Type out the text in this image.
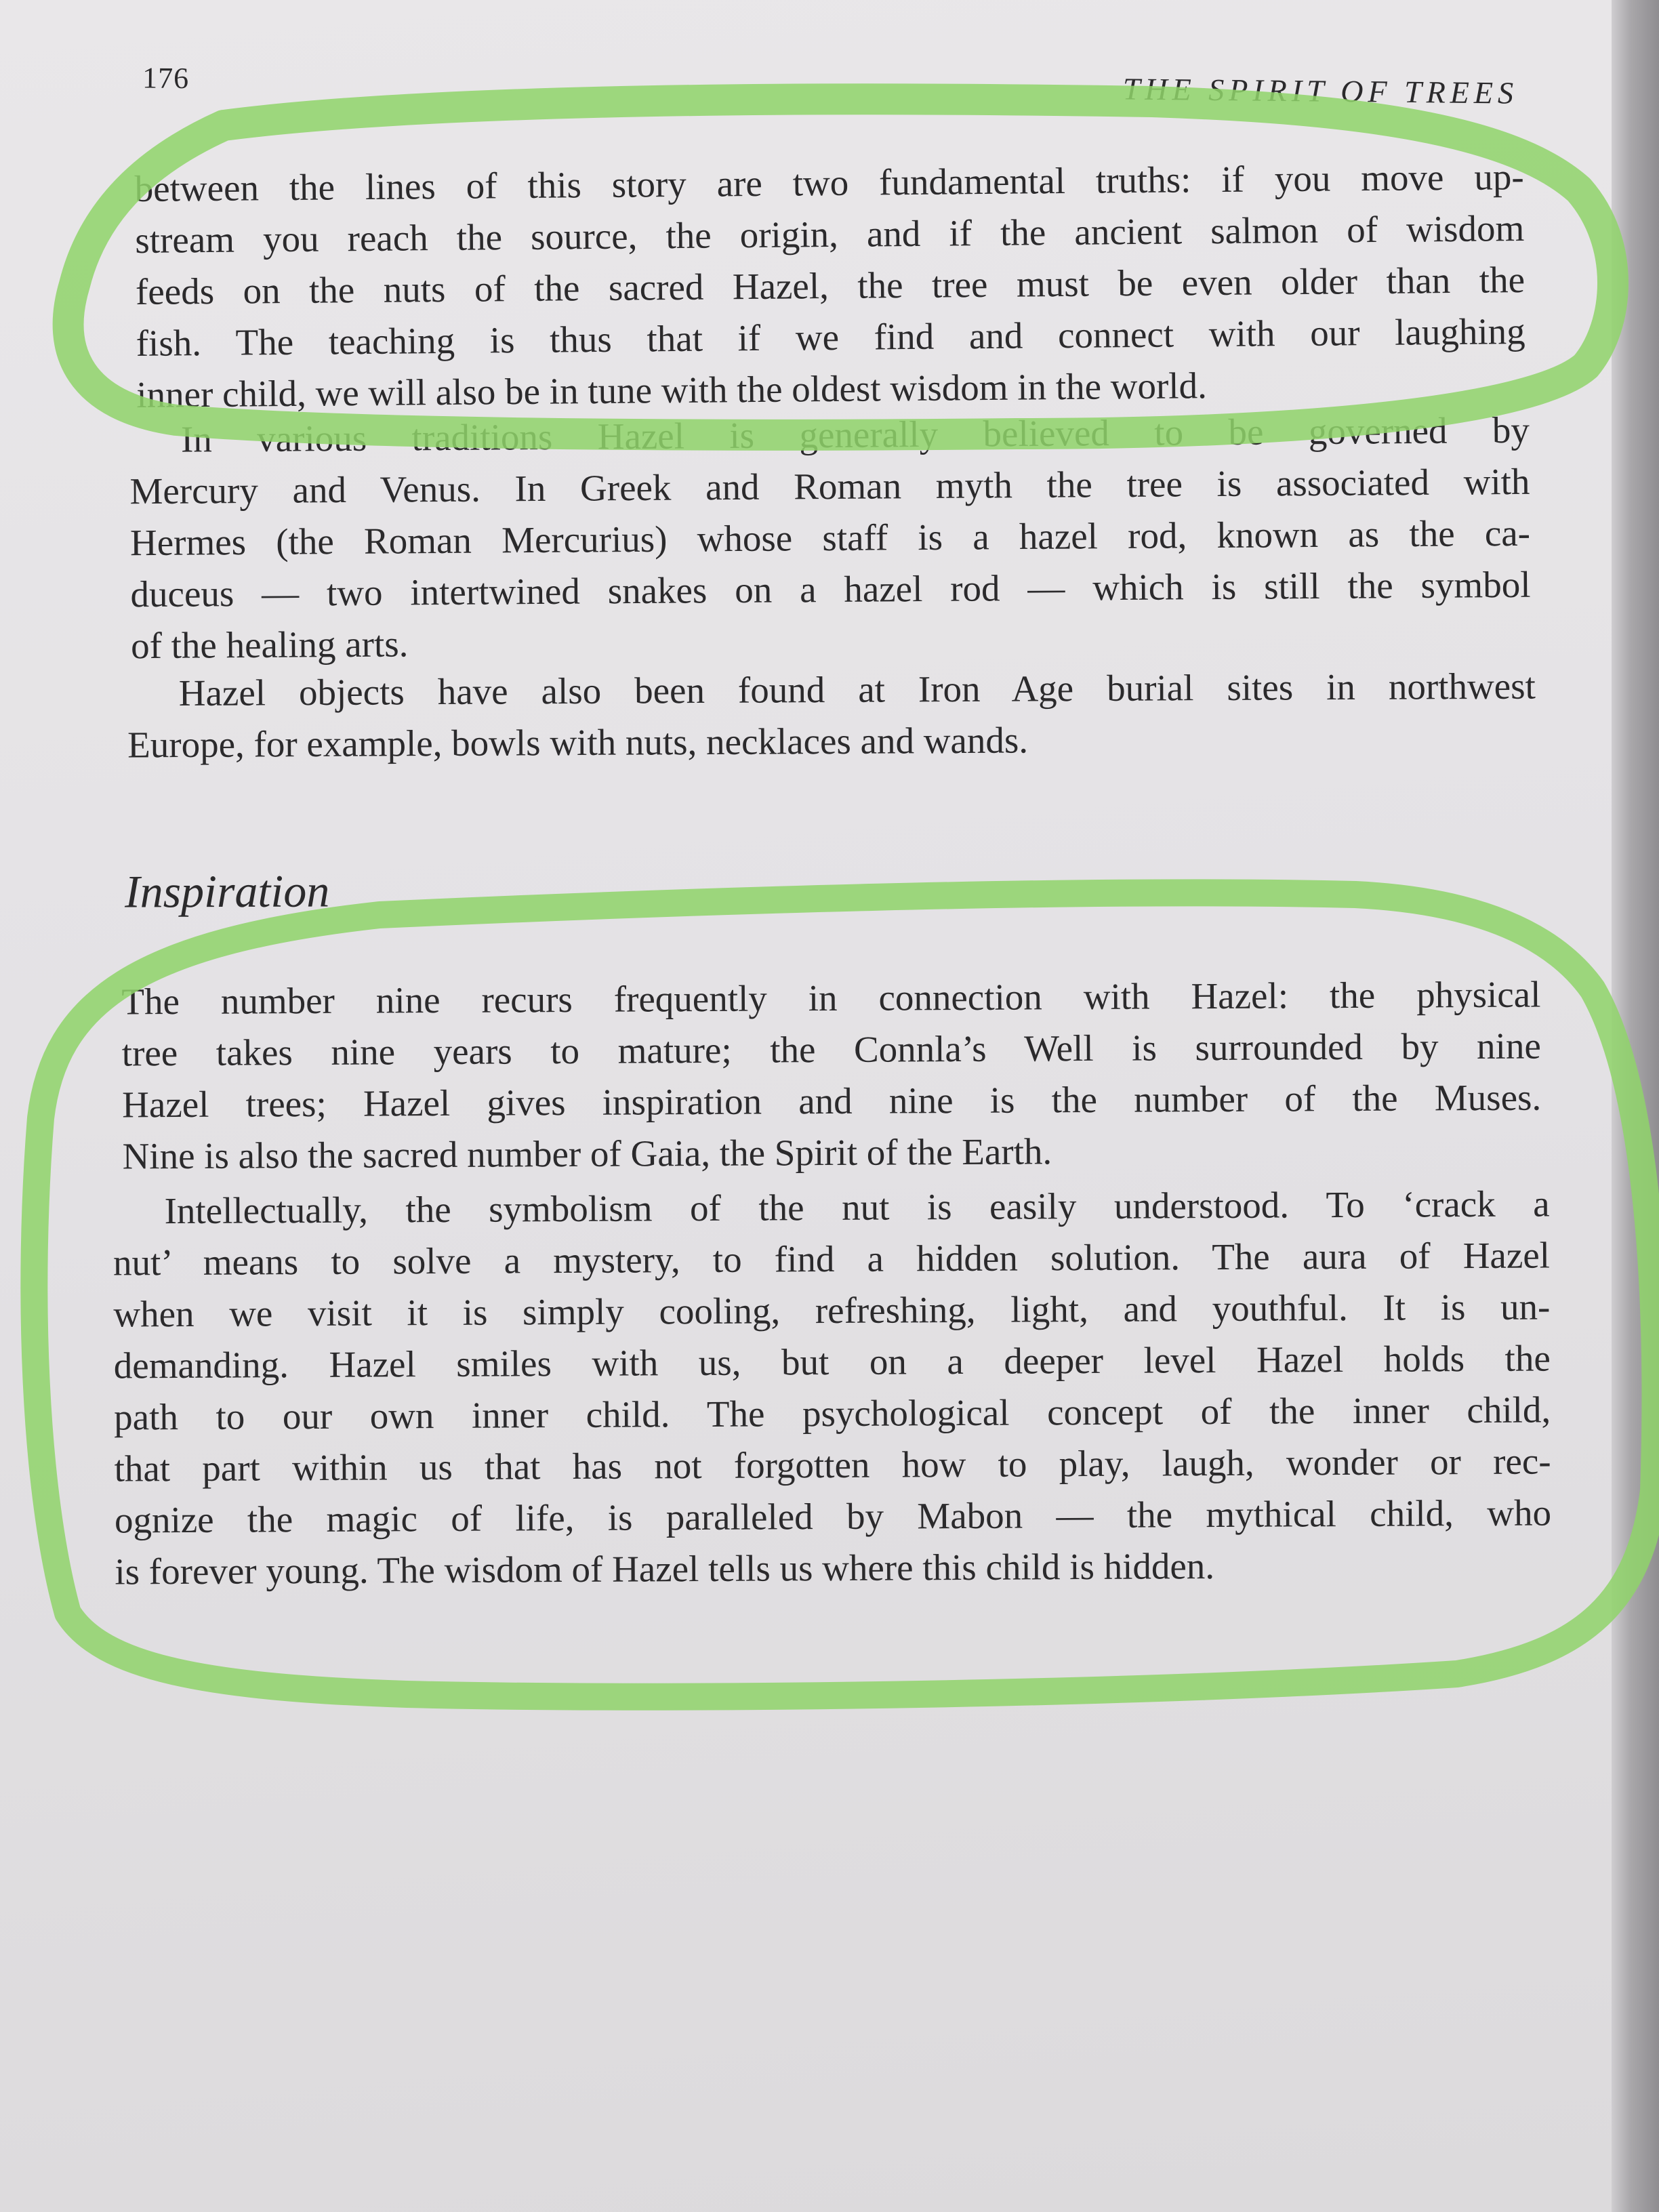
176	THE SPIRIT OF TREES
between the lines of this story are two fundamental truths: if you move up-
stream you reach the source, the origin, and if the ancient salmon of wisdom
feeds on the nuts of the sacred Hazel, the tree must be even older than the
fish. The teaching is thus that if we find and connect with our laughing
inner child, we will also be in tune with the oldest wisdom in the world.
In various traditions Hazel is generally believed to be governed by
Mercury and Venus. In Greek and Roman myth the tree is associated with
Hermes (the Roman Mercurius) whose staff is a hazel rod, known as the ca-
duceus — two intertwined snakes on a hazel rod — which is still the symbol
of the healing arts.
Hazel objects have also been found at Iron Age burial sites in northwest
Europe, for example, bowls with nuts, necklaces and wands.
Inspiration
The number nine recurs frequently in connection with Hazel: the physical
tree takes nine years to mature; the Connla’s Well is surrounded by nine
Hazel trees; Hazel gives inspiration and nine is the number of the Muses.
Nine is also the sacred number of Gaia, the Spirit of the Earth.
Intellectually, the symbolism of the nut is easily understood. To ‘crack a
nut’ means to solve a mystery, to find a hidden solution. The aura of Hazel
when we visit it is simply cooling, refreshing, light, and youthful. It is un-
demanding. Hazel smiles with us, but on a deeper level Hazel holds the
path to our own inner child. The psychological concept of the inner child,
that part within us that has not forgotten how to play, laugh, wonder or rec-
ognize the magic of life, is paralleled by Mabon — the mythical child, who
is forever young. The wisdom of Hazel tells us where this child is hidden.
